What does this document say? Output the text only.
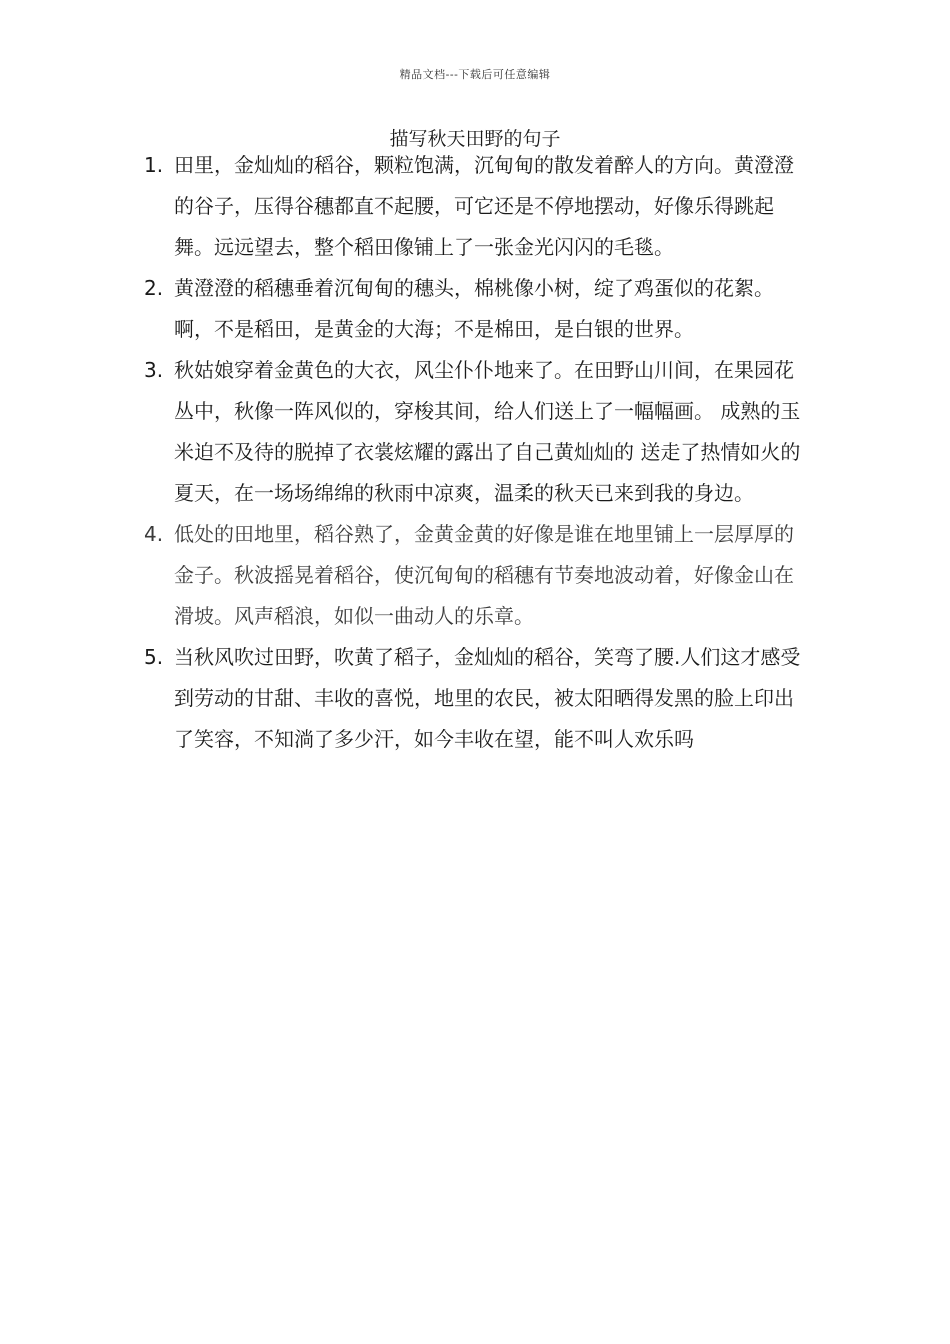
精品文档---下载后可任意编辑
描写秋天田野的句子
1. 田里，金灿灿的稻谷，颗粒饱满，沉甸甸的散发着醉人的方向。黄澄澄的谷子，压得谷穗都直不起腰，可它还是不停地摆动，好像乐得跳起舞。远远望去，整个稻田像铺上了一张金光闪闪的毛毯。
2. 黄澄澄的稻穗垂着沉甸甸的穗头，棉桃像小树，绽了鸡蛋似的花絮。啊，不是稻田，是黄金的大海；不是棉田，是白银的世界。
3. 秋姑娘穿着金黄色的大衣，风尘仆仆地来了。在田野山川间，在果园花丛中，秋像一阵风似的，穿梭其间，给人们送上了一幅幅画。 成熟的玉米迫不及待的脱掉了衣裳炫耀的露出了自己黄灿灿的 送走了热情如火的夏天，在一场场绵绵的秋雨中凉爽，温柔的秋天已来到我的身边。
4. 低处的田地里，稻谷熟了，金黄金黄的好像是谁在地里铺上一层厚厚的金子。秋波摇晃着稻谷，使沉甸甸的稻穗有节奏地波动着，好像金山在滑坡。风声稻浪，如似一曲动人的乐章。
5. 当秋风吹过田野，吹黄了稻子，金灿灿的稻谷，笑弯了腰.人们这才感受到劳动的甘甜、丰收的喜悦，地里的农民，被太阳晒得发黑的脸上印出了笑容，不知淌了多少汗，如今丰收在望，能不叫人欢乐吗
